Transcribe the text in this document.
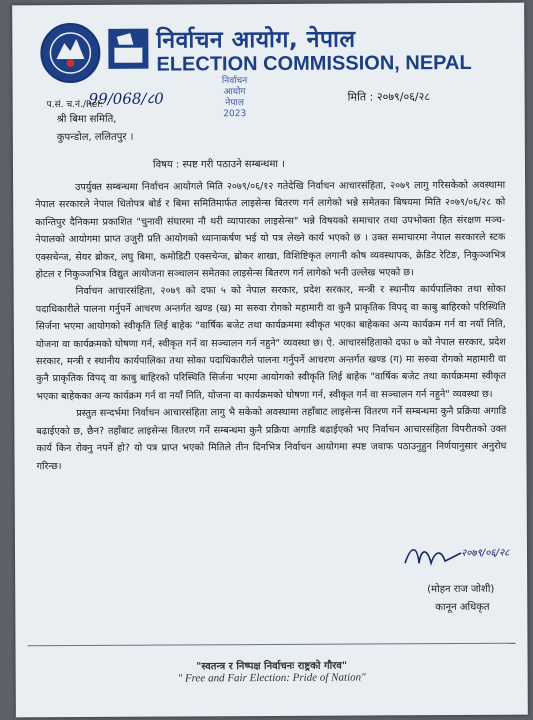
निर्वाचन आयोग, नेपाल
ELECTION COMMISSION, NEPAL
निर्वाचन आयोग
नेपाल
2023
प.सं. च.नं./Ref:
99/068/८0	मिति : २०७९/०६/२८
श्री बिमा समिति,
कुपन्डोल, ललितपुर ।
विषय : स्पष्ट गरी पठाउने सम्बन्धमा ।

उपर्युक्त सम्बन्धमा निर्वाचन आयोगले मिति २०७९/०६/१२ गतेदेखि निर्वाचन आचारसंहिता, २०७९ लागु गरिसकेको अवस्थामा नेपाल सरकारले नेपाल धितोपत्र बोर्ड र बिमा समितिमार्फत लाइसेन्स बितरण गर्न लागेको भन्ने समेतका बिषयमा मिति २०७९/०६/२८ को कान्तिपुर दैनिकमा प्रकाशित "चुनावी संघारमा नौ थरी व्यापारका लाइसेन्स" भन्ने विषयको समाचार तथा उपभोक्ता हित संरक्षण मञ्च-नेपालको आयोगमा प्राप्त उजुरी प्रति आयोगको ध्यानाकर्षण भई यो पत्र लेख्ने कार्य भएको छ । उक्त समाचारमा नेपाल सरकारले स्टक एक्सचेन्ज, सेयर ब्रोकर, लघु बिमा, कमोडिटी एक्सचेन्ज, ब्रोकर शाखा, विशिष्टिकृत लगानी कोष व्यवस्थापक, क्रेडिट रेटिङ, निकुञ्जभित्र होटल र निकुञ्जभित्र विद्युत आयोजना सञ्चालन समेतका लाइसेन्स बितरण गर्न लागेको भनी उल्लेख भएको छ।

निर्वाचन आचारसंहिता, २०७९ को दफा ५ को नेपाल सरकार, प्रदेश सरकार, मन्त्री र स्थानीय कार्यपालिका तथा सोका पदाधिकारीले पालना गर्नुपर्ने आचरण अन्तर्गत खण्ड (ख) मा सरुवा रोगको महामारी वा कुनै प्राकृतिक विपद् वा काबु बाहिरको परिस्थिति सिर्जना भएमा आयोगको स्वीकृति लिई बाहेक "वार्षिक बजेट तथा कार्यक्रममा स्वीकृत भएका बाहेकका अन्य कार्यक्रम गर्न वा नयाँ निति, योजना वा कार्यक्रमको घोषणा गर्न, स्वीकृत गर्न वा सञ्चालन गर्न नहुने" व्यवस्था छ। ऐ. आचारसंहिताको दफा ७ को नेपाल सरकार, प्रदेश सरकार, मन्त्री र स्थानीय कार्यपालिका तथा सोका पदाधिकारीले पालना गर्नुपर्ने आचरण अन्तर्गत खण्ड (ग) मा सरुवा रोगको महामारी वा कुनै प्राकृतिक विपद् वा काबु बाहिरको परिस्थिति सिर्जना भएमा आयोगको स्वीकृति लिई बाहेक "वार्षिक बजेट तथा कार्यक्रममा स्वीकृत भएका बाहेकका अन्य कार्यक्रम गर्न वा नयाँ निति, योजना वा कार्यक्रमको घोषणा गर्न, स्वीकृत गर्न वा सञ्चालन गर्न नहुने" व्यवस्था छ।

प्रस्तुत सन्दर्भमा निर्वाचन आचारसंहिता लागु भै सकेको अवस्थामा तहाँबाट लाइसेन्स वितरण गर्ने सम्बन्धमा कुनै प्रक्रिया अगाडि बढाईएको छ, छैन? तहाँबाट लाइसेन्स वितरण गर्ने सम्बन्धमा कुनै प्रक्रिया अगाडि बढाईएको भए निर्वाचन आचारसंहिता विपरीतको उक्त कार्य किन रोक्नु नपर्ने हो? यो पत्र प्राप्त भएको मितिले तीन दिनभित्र निर्वाचन आयोगमा स्पष्ट जवाफ पठाउनुहुन निर्णयानुसार अनुरोध गरिन्छ।

२०७९/०६/२८
(मोहन राज जोशी)
कानून अधिकृत
"स्वतन्त्र र निष्पक्ष निर्वाचनः राष्ट्रको गौरव"
" Free and Fair Election: Pride of Nation"
